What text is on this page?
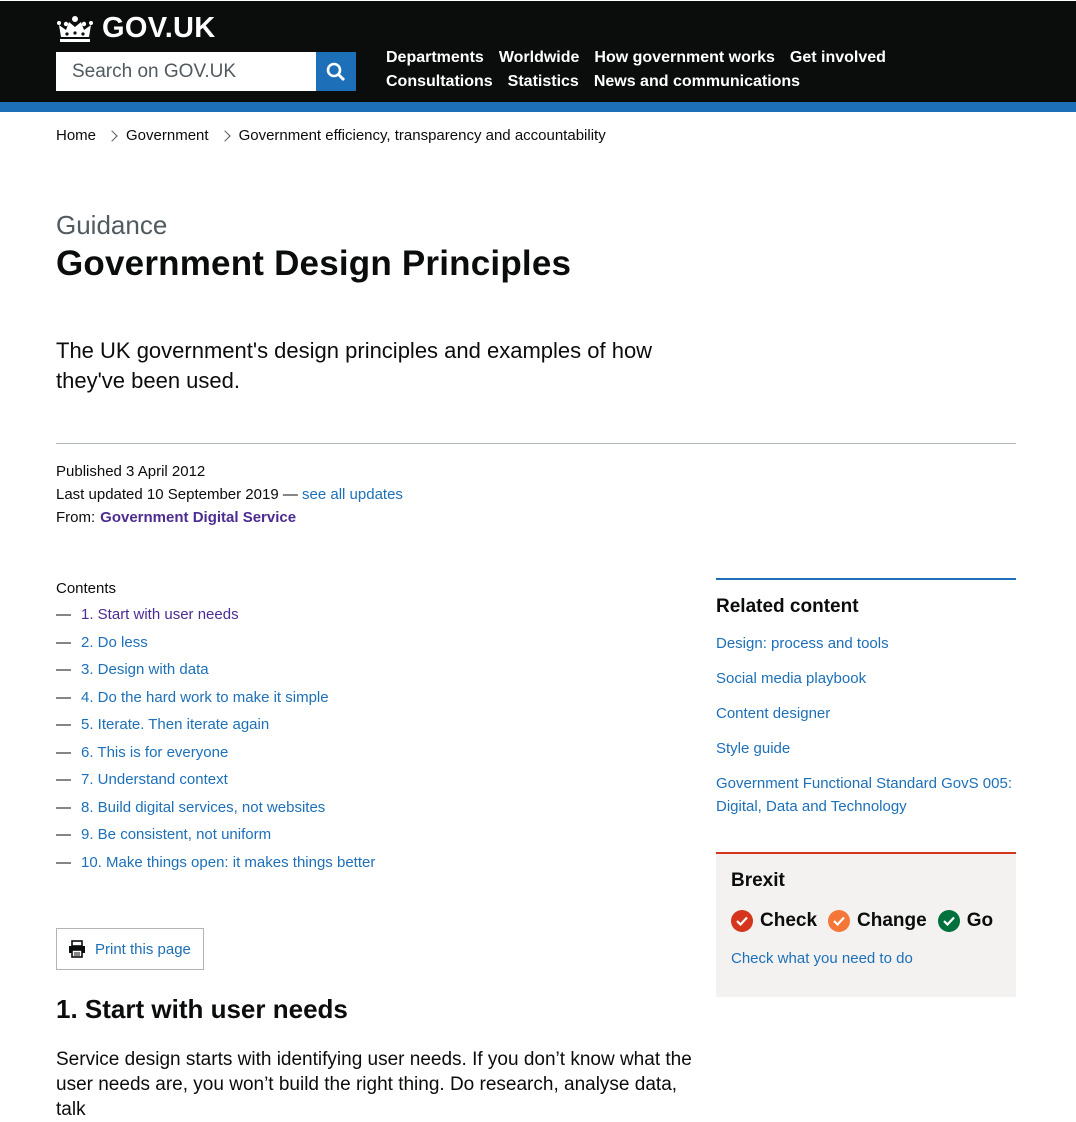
GOV.UK
Search on GOV.UK
Departments Worldwide How government works Get involved
Consultations Statistics News and communications
Home Government Government efficiency, transparency and accountability
Guidance
Government Design Principles

The UK government's design principles and examples of how they've been used.

Published 3 April 2012
Last updated 10 September 2019 — see all updates
From: Government Digital Service
Contents
— 1. Start with user needs
— 2. Do less
— 3. Design with data
— 4. Do the hard work to make it simple
— 5. Iterate. Then iterate again
— 6. This is for everyone
— 7. Understand context
— 8. Build digital services, not websites
— 9. Be consistent, not uniform
— 10. Make things open: it makes things better
Print this page
1. Start with user needs

Service design starts with identifying user needs. If you don’t know what the user needs are, you won’t build the right thing. Do research, analyse data, talk

Related content
Design: process and tools
Social media playbook
Content designer
Style guide
Government Functional Standard GovS 005: Digital, Data and Technology
Brexit
Check Change Go
Check what you need to do
